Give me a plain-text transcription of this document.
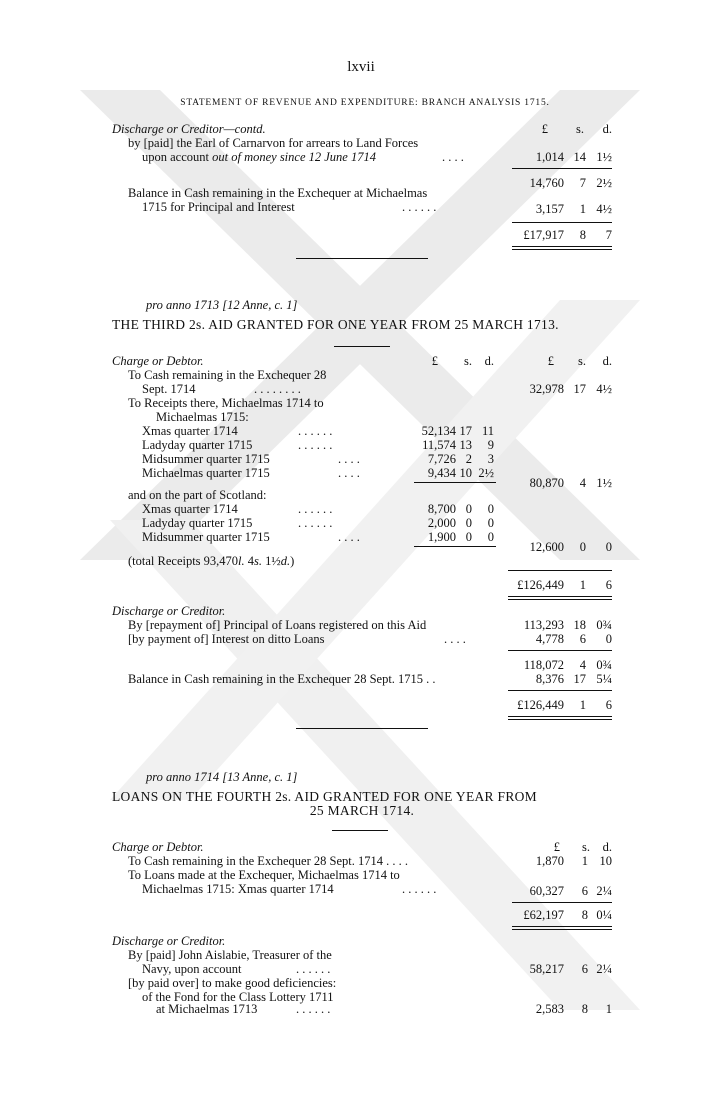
lxvii
STATEMENT OF REVENUE AND EXPENDITURE: BRANCH ANALYSIS 1715.
Discharge or Creditor—contd.	£	s.	d.
by [paid] the Earl of Carnarvon for arrears to Land Forces
upon account out of money since 12 June 1714	. . . .	1,014 14 1½
14,760	7 2½
Balance in Cash remaining in the Exchequer at Michaelmas
1715 for Principal and Interest	. . . . . .	3,157	1 4½
£17,917	8	7
pro anno 1713 [12 Anne, c. 1]
THE THIRD 2s. AID GRANTED FOR ONE YEAR FROM 25 MARCH 1713.
Charge or Debtor.	£	s.	d.	£	s.	d.
To Cash remaining in the Exchequer 28
Sept. 1714	. . . . . . . .	32,978 17 4½
To Receipts there, Michaelmas 1714 to
Michaelmas 1715:
Xmas quarter 1714	. . . . . .	52,134 17 11
Ladyday quarter 1715	. . . . . .	11,574 13	9
Midsummer quarter 1715	. . . .	7,726 2	3
Michaelmas quarter 1715	. . . .	9,434 10 2½
80,870	4 1½
and on the part of Scotland:
Xmas quarter 1714	. . . . . .	8,700 0	0
Ladyday quarter 1715	. . . . . .	2,000 0	0
Midsummer quarter 1715	. . . .	1,900 0	0
12,600	0	0
(total Receipts 93,470l. 4s. 1½d.)
£126,449	1	6
Discharge or Creditor.
By [repayment of] Principal of Loans registered on this Aid	113,293 18 0¾
[by payment of] Interest on ditto Loans	. . . .	4,778	6	0
118,072	4 0¾
Balance in Cash remaining in the Exchequer 28 Sept. 1715 . .	8,376 17 5¼
£126,449	1	6
pro anno 1714 [13 Anne, c. 1]
LOANS ON THE FOURTH 2s. AID GRANTED FOR ONE YEAR FROM
25 MARCH 1714.
Charge or Debtor.	£	s.	d.
To Cash remaining in the Exchequer 28 Sept. 1714 . . . .	1,870	1 10
To Loans made at the Exchequer, Michaelmas 1714 to
Michaelmas 1715: Xmas quarter 1714	. . . . . .	60,327	6 2¼
£62,197	8 0¼
Discharge or Creditor.
By [paid] John Aislabie, Treasurer of the
Navy, upon account	. . . . . .	58,217	6 2¼
[by paid over] to make good deficiencies:
of the Fond for the Class Lottery 1711
at Michaelmas 1713	. . . . . .	2,583	8	1
